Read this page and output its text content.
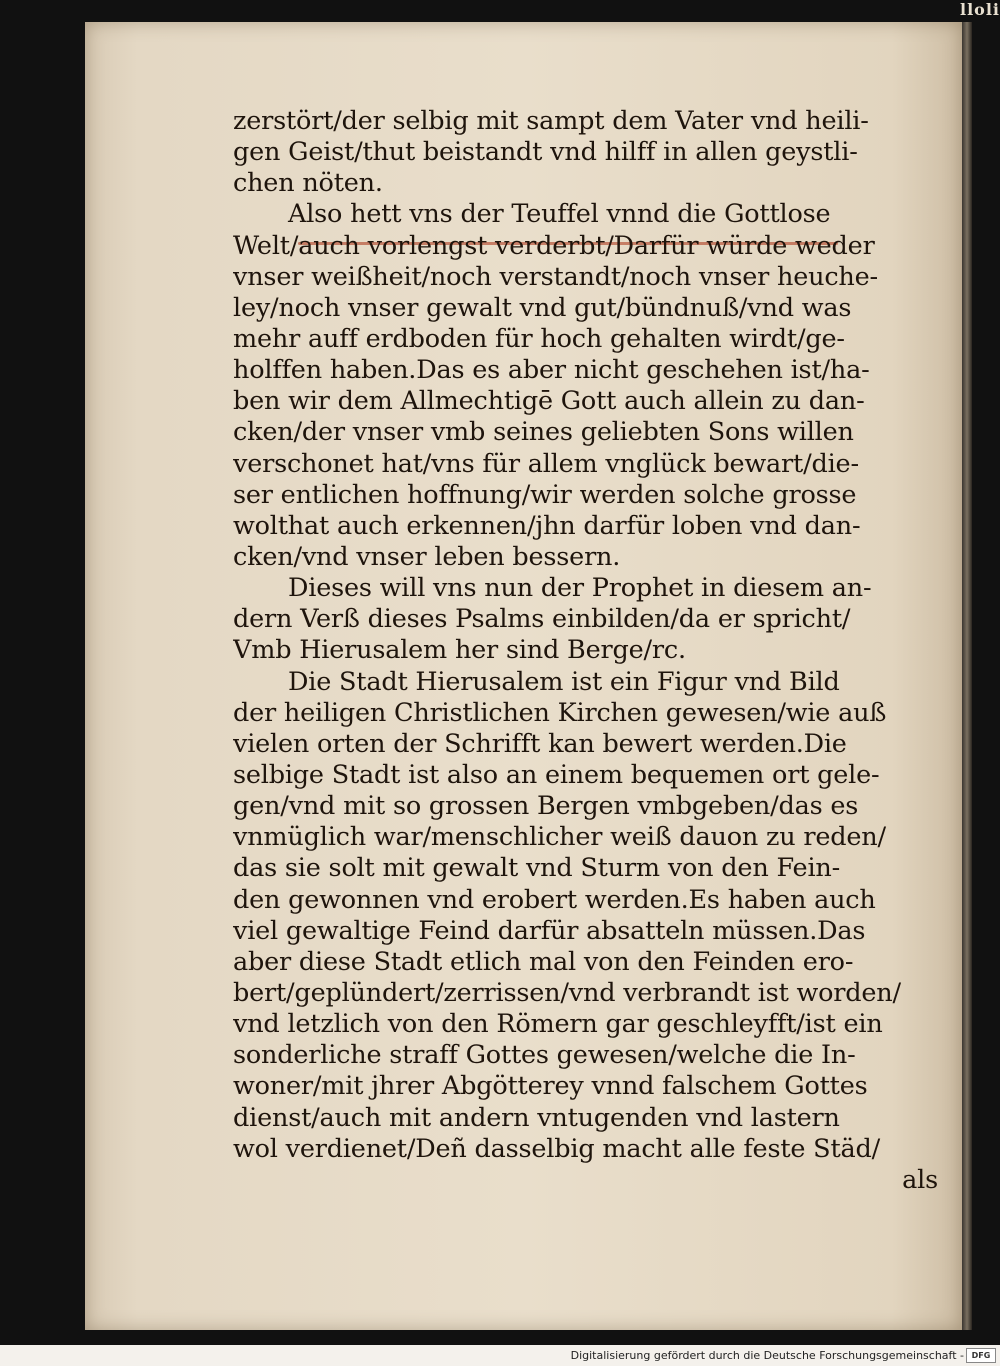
lloli
zerstört/der selbig mit sampt dem Vater vnd heili-
gen Geist/thut beistandt vnd hilff in allen geystli-
chen nöten.
Also hett vns der Teuffel vnnd die Gottlose
Welt/auch vorlengst verderbt/Darfür würde weder
vnser weißheit/noch verstandt/noch vnser heuche-
ley/noch vnser gewalt vnd gut/bündnuß/vnd was
mehr auff erdboden für hoch gehalten wirdt/ge-
holffen haben.Das es aber nicht geschehen ist/ha-
ben wir dem Allmechtigē Gott auch allein zu dan-
cken/der vnser vmb seines geliebten Sons willen
verschonet hat/vns für allem vnglück bewart/die-
ser entlichen hoffnung/wir werden solche grosse
wolthat auch erkennen/jhn darfür loben vnd dan-
cken/vnd vnser leben bessern.
Dieses will vns nun der Prophet in diesem an-
dern Verß dieses Psalms einbilden/da er spricht/
Vmb Hierusalem her sind Berge/rc.
Die Stadt Hierusalem ist ein Figur vnd Bild
der heiligen Christlichen Kirchen gewesen/wie auß
vielen orten der Schrifft kan bewert werden.Die
selbige Stadt ist also an einem bequemen ort gele-
gen/vnd mit so grossen Bergen vmbgeben/das es
vnmüglich war/menschlicher weiß dauon zu reden/
das sie solt mit gewalt vnd Sturm von den Fein-
den gewonnen vnd erobert werden.Es haben auch
viel gewaltige Feind darfür absatteln müssen.Das
aber diese Stadt etlich mal von den Feinden ero-
bert/geplündert/zerrissen/vnd verbrandt ist worden/
vnd letzlich von den Römern gar geschleyfft/ist ein
sonderliche straff Gottes gewesen/welche die In-
woner/mit jhrer Abgötterey vnnd falschem Gottes
dienst/auch mit andern vntugenden vnd lastern
wol verdienet/Deñ dasselbig macht alle feste Städ/
als
Digitalisierung gefördert durch die Deutsche Forschungsgemeinschaft - DFG
